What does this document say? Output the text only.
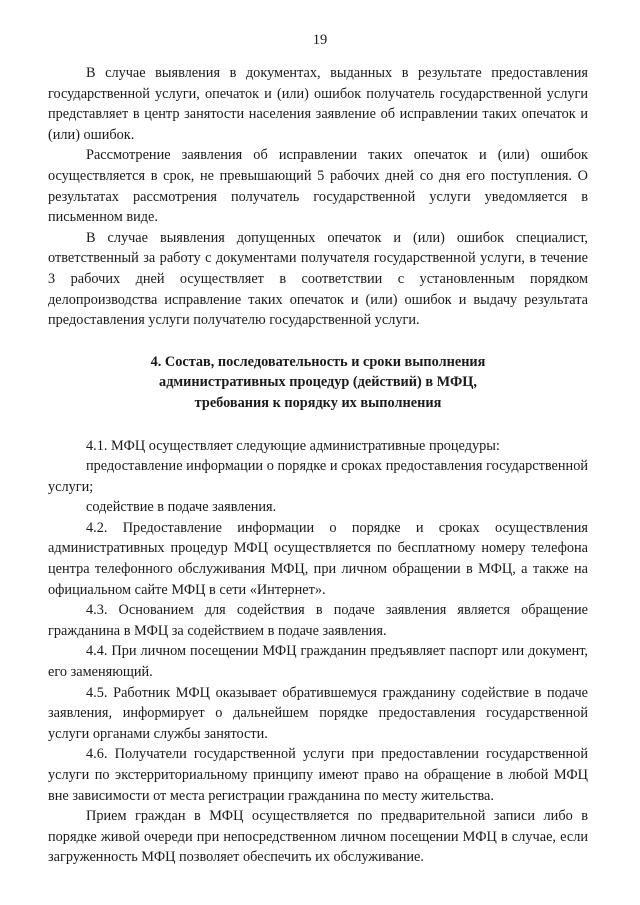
19

В случае выявления в документах, выданных в результате предоставления государственной услуги, опечаток и (или) ошибок получатель государственной услуги представляет в центр занятости населения заявление об исправлении таких опечаток и (или) ошибок.

Рассмотрение заявления об исправлении таких опечаток и (или) ошибок осуществляется в срок, не превышающий 5 рабочих дней со дня его поступления. О результатах рассмотрения получатель государственной услуги уведомляется в письменном виде.

В случае выявления допущенных опечаток и (или) ошибок специалист, ответственный за работу с документами получателя государственной услуги, в течение 3 рабочих дней осуществляет в соответствии с установленным порядком делопроизводства исправление таких опечаток и (или) ошибок и выдачу результата предоставления услуги получателю государственной услуги.

4. Состав, последовательность и сроки выполнения
административных процедур (действий) в МФЦ,
требования к порядку их выполнения

4.1. МФЦ осуществляет следующие административные процедуры:

предоставление информации о порядке и сроках предоставления государственной услуги;

содействие в подаче заявления.

4.2. Предоставление информации о порядке и сроках осуществления административных процедур МФЦ осуществляется по бесплатному номеру телефона центра телефонного обслуживания МФЦ, при личном обращении в МФЦ, а также на официальном сайте МФЦ в сети «Интернет».

4.3. Основанием для содействия в подаче заявления является обращение гражданина в МФЦ за содействием в подаче заявления.

4.4. При личном посещении МФЦ гражданин предъявляет паспорт или документ, его заменяющий.

4.5. Работник МФЦ оказывает обратившемуся гражданину содействие в подаче заявления, информирует о дальнейшем порядке предоставления государственной услуги органами службы занятости.

4.6. Получатели государственной услуги при предоставлении государственной услуги по экстерриториальному принципу имеют право на обращение в любой МФЦ вне зависимости от места регистрации гражданина по месту жительства.

Прием граждан в МФЦ осуществляется по предварительной записи либо в порядке живой очереди при непосредственном личном посещении МФЦ в случае, если загруженность МФЦ позволяет обеспечить их обслуживание.
